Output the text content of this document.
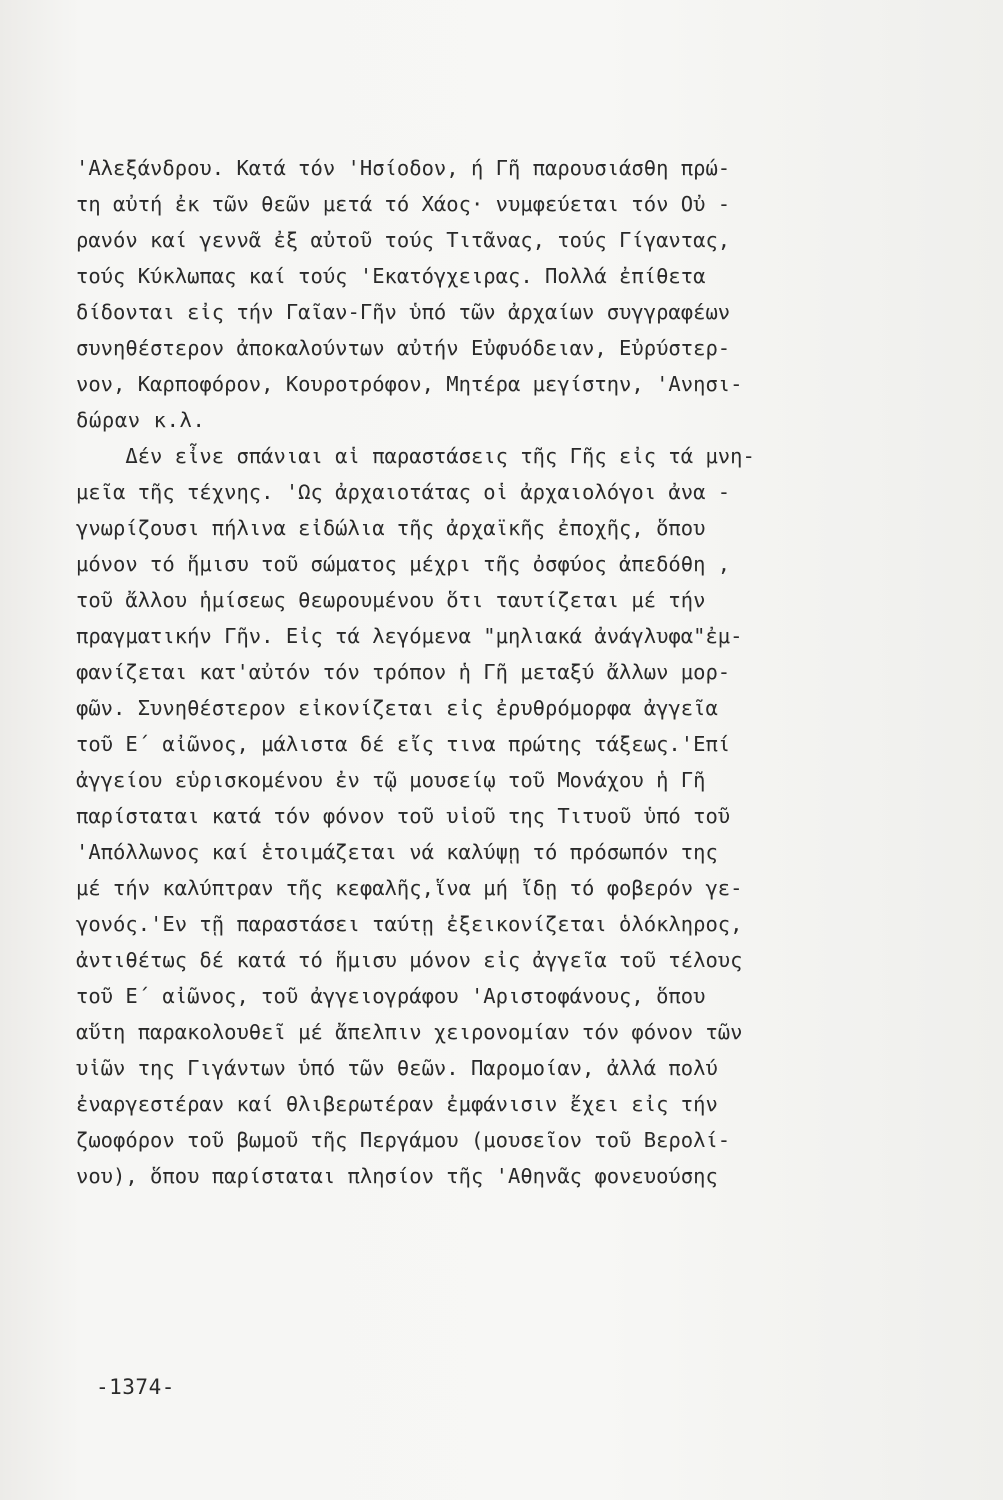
'Αλεξάνδρου. Κατά τόν 'Ησίοδον, ή Γῆ παρουσιάσθη πρώ-
τη αὐτή ἐκ τῶν θεῶν μετά τό Χάος· νυμφεύεται τόν Οὐ -
ρανόν καί γεννᾶ ἐξ αὐτοῦ τούς Τιτᾶνας, τούς Γίγαντας,
τούς Κύκλωπας καί τούς 'Εκατόγχειρας. Πολλά ἐπίθετα
δίδονται εἰς τήν Γαῖαν-Γῆν ὑπό τῶν ἀρχαίων συγγραφέων
συνηθέστερον ἀποκαλούντων αὐτήν Εὐφυόδειαν, Εὐρύστερ-
νον, Καρποφόρον, Κουροτρόφον, Μητέρα μεγίστην, 'Ανησι-
δώραν κ.λ.
Δέν εἶνε σπάνιαι αἱ παραστάσεις τῆς Γῆς εἰς τά μνη-
μεῖα τῆς τέχνης. 'Ως ἀρχαιοτάτας οἱ ἀρχαιολόγοι ἀνα -
γνωρίζουσι πήλινα εἰδώλια τῆς ἀρχαϊκῆς ἐποχῆς, ὅπου
μόνον τό ἥμισυ τοῦ σώματος μέχρι τῆς ὀσφύος ἀπεδόθη ,
τοῦ ἄλλου ἡμίσεως θεωρουμένου ὅτι ταυτίζεται μέ τήν
πραγματικήν Γῆν. Εἰς τά λεγόμενα "μηλιακά ἀνάγλυφα"ἐμ-
φανίζεται κατ'αὐτόν τόν τρόπον ἡ Γῆ μεταξύ ἄλλων μορ-
φῶν. Συνηθέστερον εἰκονίζεται εἰς ἐρυθρόμορφα ἀγγεῖα
τοῦ Ε΄ αἰῶνος, μάλιστα δέ εἴς τινα πρώτης τάξεως.'Επί
ἀγγείου εὑρισκομένου ἐν τῷ μουσείῳ τοῦ Μονάχου ἡ Γῆ
παρίσταται κατά τόν φόνον τοῦ υἱοῦ της Τιτυοῦ ὑπό τοῦ
'Απόλλωνος καί ἑτοιμάζεται νά καλύψῃ τό πρόσωπόν της
μέ τήν καλύπτραν τῆς κεφαλῆς,ἵνα μή ἴδῃ τό φοβερόν γε-
γονός.'Εν τῇ παραστάσει ταύτῃ ἐξεικονίζεται ὁλόκληρος,
ἀντιθέτως δέ κατά τό ἥμισυ μόνον εἰς ἀγγεῖα τοῦ τέλους
τοῦ Ε΄ αἰῶνος, τοῦ ἀγγειογράφου 'Αριστοφάνους, ὅπου
αὕτη παρακολουθεῖ μέ ἄπελπιν χειρονομίαν τόν φόνον τῶν
υἱῶν της Γιγάντων ὑπό τῶν θεῶν. Παρομοίαν, ἀλλά πολύ
ἐναργεστέραν καί θλιβερωτέραν ἐμφάνισιν ἔχει εἰς τήν
ζωοφόρον τοῦ βωμοῦ τῆς Περγάμου (μουσεῖον τοῦ Βερολί-
νου), ὅπου παρίσταται πλησίον τῆς 'Αθηνᾶς φονευούσης
-1374-
